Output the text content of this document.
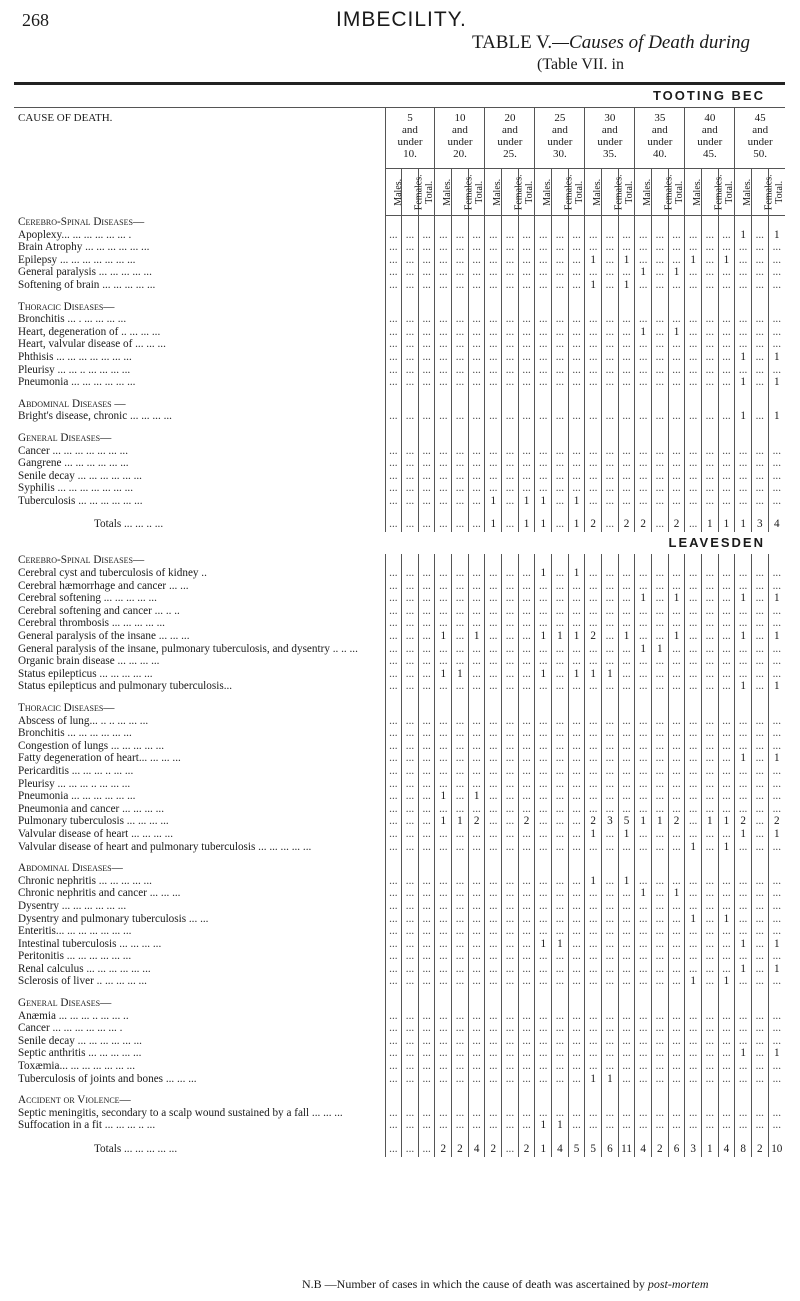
268	IMBECILITY.
TABLE V.—Causes of Death during
(Table VII. in
TOOTING BEC																								
CAUSE OF DEATH.	5
and
under
10.			10
and
under
20.			20
and
under
25.			25
and
under
30.			30
and
under
35.			35
and
under
40.			40
and
under
45.			45
and
under
50.		
	Males.	Females.	Total.	Males.	Females.	Total.	Males.	Females.	Total.	Males.	Females.	Total.	Males.	Females.	Total.	Males.	Females.	Total.	Males.	Females.	Total.	Males.	Females.	Total.
Cerebro-Spinal Diseases—																								
Apoplexy... ... ... ... ... ... .	...	...	...	...	...	...	...	...	...	...	...	...	...	...	...	...	...	...	...	...	...	1	...	1
Brain Atrophy ... ... ... ... ... ...	...	...	...	...	...	...	...	...	...	...	...	...	...	...	...	...	...	...	...	...	...	...	...	...
Epilepsy ... ... ... ... ... ... ...	...	...	...	...	...	...	...	...	...	...	...	...	1	...	1	...	...	...	1	...	1	...	...	...
General paralysis ... ... ... ... ...	...	...	...	...	...	...	...	...	...	...	...	...	...	...	...	1	...	1	...	...	...	...	...	...
Softening of brain ... ... ... ... ...	...	...	...	...	...	...	...	...	...	...	...	...	1	...	1	...	...	...	...	...	...	...	...	...

Thoracic Diseases—																								
Bronchitis ... . ... ... ... ...	...	...	...	...	...	...	...	...	...	...	...	...	...	...	...	...	...	...	...	...	...	...	...	...
Heart, degeneration of .. ... ... ...	...	...	...	...	...	...	...	...	...	...	...	...	...	...	...	1	...	1	...	...	...	...	...	...
Heart, valvular disease of ... ... ...	...	...	...	...	...	...	...	...	...	...	...	...	...	...	...	...	...	...	...	...	...	...	...	...
Phthisis ... ... ... ... ... ... ...	...	...	...	...	...	...	...	...	...	...	...	...	...	...	...	...	...	...	...	...	...	1	...	1
Pleurisy ... ... .. ... ... ... ...	...	...	...	...	...	...	...	...	...	...	...	...	...	...	...	...	...	...	...	...	...	...	...	...
Pneumonia ... ... ... ... ... ...	...	...	...	...	...	...	...	...	...	...	...	...	...	...	...	...	...	...	...	...	...	1	...	1

Abdominal Diseases —																								
Bright's disease, chronic ... ... ... ...	...	...	...	...	...	...	...	...	...	...	...	...	...	...	...	...	...	...	...	...	...	1	...	1

General Diseases—																								
Cancer ... ... ... ... ... ... ...	...	...	...	...	...	...	...	...	...	...	...	...	...	...	...	...	...	...	...	...	...	...	...	...
Gangrene ... ... ... ... ... ...	...	...	...	...	...	...	...	...	...	...	...	...	...	...	...	...	...	...	...	...	...	...	...	...
Senile decay ... ... ... ... ... ...	...	...	...	...	...	...	...	...	...	...	...	...	...	...	...	...	...	...	...	...	...	...	...	...
Syphilis ... ... ... ... ... ... ...	...	...	...	...	...	...	...	...	...	...	...	...	...	...	...	...	...	...	...	...	...	...	...	...
Tuberculosis ... ... ... ... ... ...	...	...	...	...	...	...	1	...	1	1	...	1	...	...	...	...	...	...	...	...	...	...	...	...

Totals ... ... .. ...	...	...	...	...	...	...	1	...	1	1	...	1	2	...	2	2	...	2	...	1	1	1	3	4
LEAVESDEN																								
Cerebro-Spinal Diseases—																								
Cerebral cyst and tuberculosis of kidney ..	...	...	...	...	...	...	...	...	...	1	...	1	...	...	...	...	...	...	...	...	...	...	...	...
Cerebral hæmorrhage and cancer ... ...	...	...	...	...	...	...	...	...	...	...	...	...	...	...	...	...	...	...	...	...	...	...	...	...
Cerebral softening ... ... ... ... ...	...	...	...	...	...	...	...	...	...	...	...	...	...	...	...	1	...	1	...	...	...	1	...	1
Cerebral softening and cancer ... .. ..	...	...	...	...	...	...	...	...	...	...	...	...	...	...	...	...	...	...	...	...	...	...	...	...
Cerebral thrombosis ... ... ... ... ...	...	...	...	...	...	...	...	...	...	...	...	...	...	...	...	...	...	...	...	...	...	...	...	...
General paralysis of the insane ... ... ...	...	...	...	1	...	1	...	...	...	1	1	1	2	...	1	...	...	1	...	...	...	1	...	1
General paralysis of the insane, pulmonary tuberculosis, and dysentry .. .. ...	...	...	...	...	...	...	...	...	...	...	...	...	...	...	...	1	1	...	...	...	...	...	...	...
Organic brain disease ... ... ... ...	...	...	...	...	...	...	...	...	...	...	...	...	...	...	...	...	...	...	...	...	...	...	...	...
Status epilepticus ... ... ... ... ...	...	...	...	1	1	...	...	...	...	1	...	1	1	1	...	...	...	...	...	...	...	...	...	...
Status epilepticus and pulmonary tuberculosis...	...	...	...	...	...	...	...	...	...	...	...	...	...	...	...	...	...	...	...	...	...	1	...	1

Thoracic Diseases—																								
Abscess of lung... .. .. ... ... ...	...	...	...	...	...	...	...	...	...	...	...	...	...	...	...	...	...	...	...	...	...	...	...	...
Bronchitis ... ... ... ... ... ...	...	...	...	...	...	...	...	...	...	...	...	...	...	...	...	...	...	...	...	...	...	...	...	...
Congestion of lungs ... ... ... ... ...	...	...	...	...	...	...	...	...	...	...	...	...	...	...	...	...	...	...	...	...	...	...	...	...
Fatty degeneration of heart... ... ... ...	...	...	...	...	...	...	...	...	...	...	...	...	...	...	...	...	...	...	...	...	...	1	...	1
Pericarditis ... ... ... .. ... ...	...	...	...	...	...	...	...	...	...	...	...	...	...	...	...	...	...	...	...	...	...	...	...	...
Pleurisy ... ... ... .. ... ... ...	...	...	...	...	...	...	...	...	...	...	...	...	...	...	...	...	...	...	...	...	...	...	...	...
Pneumonia ... ... ... ... ... ...	...	...	...	1	...	1	...	...	...	...	...	...	...	...	...	...	...	...	...	...	...	...	...	...
Pneumonia and cancer ... ... ... ...	...	...	...	...	...	...	...	...	...	...	...	...	...	...	...	...	...	...	...	...	...	...	...	...
Pulmonary tuberculosis ... ... ... ...	...	...	...	1	1	2	...	...	2	...	...	...	2	3	5	1	1	2	...	1	1	2	...	2
Valvular disease of heart ... ... ... ...	...	...	...	...	...	...	...	...	...	...	...	...	1	...	1	...	...	...	...	...	...	1	...	1
Valvular disease of heart and pulmonary tuberculosis ... ... ... ... ...	...	...	...	...	...	...	...	...	...	...	...	...	...	...	...	...	...	...	1	...	1	...	...	...

Abdominal Diseases—																								
Chronic nephritis ... ... ... ... ...	...	...	...	...	...	...	...	...	...	...	...	...	1	...	1	...	...	...	...	...	...	...	...	...
Chronic nephritis and cancer ... ... ...	...	...	...	...	...	...	...	...	...	...	...	...	...	...	...	1	...	1	...	...	...	...	...	...
Dysentry ... ... ... ... ... ...	...	...	...	...	...	...	...	...	...	...	...	...	...	...	...	...	...	...	...	...	...	...	...	...
Dysentry and pulmonary tuberculosis ... ...	...	...	...	...	...	...	...	...	...	...	...	...	...	...	...	...	...	...	1	...	1	...	...	...
Enteritis... ... ... ... ... ... ...	...	...	...	...	...	...	...	...	...	...	...	...	...	...	...	...	...	...	...	...	...	...	...	...
Intestinal tuberculosis ... ... ... ...	...	...	...	...	...	...	...	...	...	1	1	...	...	...	...	...	...	...	...	...	...	1	...	1
Peritonitis ... ... ... ... ... ...	...	...	...	...	...	...	...	...	...	...	...	...	...	...	...	...	...	...	...	...	...	...	...	...
Renal calculus ... ... ... ... ... ...	...	...	...	...	...	...	...	...	...	...	...	...	...	...	...	...	...	...	...	...	...	1	...	1
Sclerosis of liver .. ... ... ... ...	...	...	...	...	...	...	...	...	...	...	...	...	...	...	...	...	...	...	1	...	1	...	...	...

General Diseases—																								
Anæmia ... ... ... .. ... ... ..	...	...	...	...	...	...	...	...	...	...	...	...	...	...	...	...	...	...	...	...	...	...	...	...
Cancer ... ... ... ... ... ... .	...	...	...	...	...	...	...	...	...	...	...	...	...	...	...	...	...	...	...	...	...	...	...	...
Senile decay ... ... ... ... ... ...	...	...	...	...	...	...	...	...	...	...	...	...	...	...	...	...	...	...	...	...	...	...	...	...
Septic anthritis ... ... ... ... ...	...	...	...	...	...	...	...	...	...	...	...	...	...	...	...	...	...	...	...	...	...	1	...	1
Toxæmia... ... ... ... ... ... ...	...	...	...	...	...	...	...	...	...	...	...	...	...	...	...	...	...	...	...	...	...	...	...	...
Tuberculosis of joints and bones ... ... ...	...	...	...	...	...	...	...	...	...	...	...	...	1	1	...	...	...	...	...	...	...	...	...	...

Accident or Violence—																								
Septic meningitis, secondary to a scalp wound sustained by a fall ... ... ...	...	...	...	...	...	...	...	...	...	...	...	...	...	...	...	...	...	...	...	...	...	...	...	...
Suffocation in a fit ... ... ... .. ...	...	...	...	...	...	...	...	...	...	1	1	...	...	...	...	...	...	...	...	...	...	...	...	...

Totals ... ... ... ... ...	...	...	...	2	2	4	2	...	2	1	4	5	5	6	11	4	2	6	3	1	4	8	2	10
N.B —Number of cases in which the cause of death was ascertained by post-mortem
